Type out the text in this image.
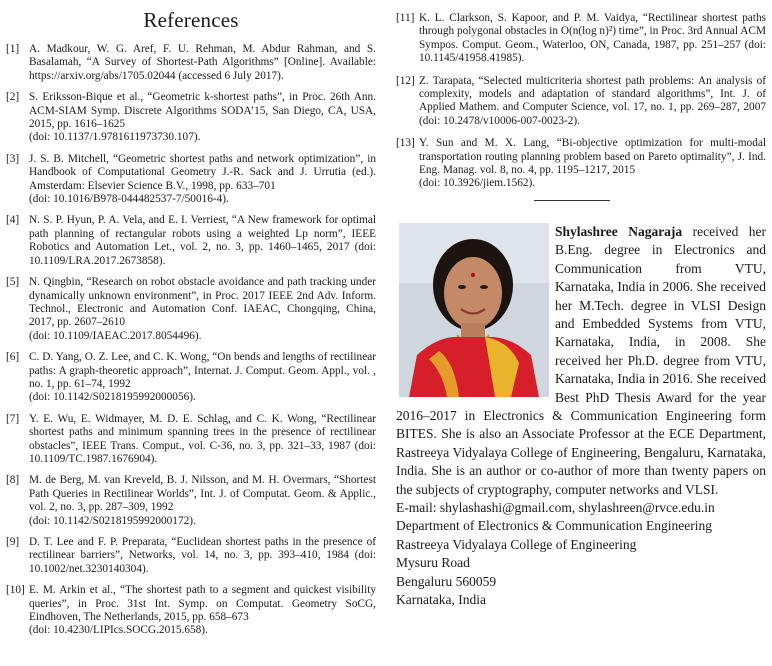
References
[1] A. Madkour, W. G. Aref, F. U. Rehman, M. Abdur Rahman, and S. Basalamah, “A Survey of Shortest-Path Algorithms” [Online]. Available: https://arxiv.org/abs/1705.02044 (accessed 6 July 2017).
[2] S. Eriksson-Bique et al., “Geometric k-shortest paths”, in Proc. 26th Ann. ACM-SIAM Symp. Discrete Algorithms SODA’15, San Diego, CA, USA, 2015, pp. 1616–1625
(doi: 10.1137/1.9781611973730.107).
[3] J. S. B. Mitchell, “Geometric shortest paths and network optimization”, in Handbook of Computational Geometry J.-R. Sack and J. Urrutia (ed.). Amsterdam: Elsevier Science B.V., 1998, pp. 633–701
(doi: 10.1016/B978-044482537-7/50016-4).
[4] N. S. P. Hyun, P. A. Vela, and E. I. Verriest, “A New framework for optimal path planning of rectangular robots using a weighted Lp norm”, IEEE Robotics and Automation Let., vol. 2, no. 3, pp. 1460–1465, 2017 (doi: 10.1109/LRA.2017.2673858).
[5] N. Qingbin, “Research on robot obstacle avoidance and path tracking under dynamically unknown environment”, in Proc. 2017 IEEE 2nd Adv. Inform. Technol., Electronic and Automation Conf. IAEAC, Chongqing, China, 2017, pp. 2607–2610
(doi: 10.1109/IAEAC.2017.8054496).
[6] C. D. Yang, O. Z. Lee, and C. K. Wong, “On bends and lengths of rectilinear paths: A graph-theoretic approach”, Internat. J. Comput. Geom. Appl., vol. , no. 1, pp. 61–74, 1992
(doi: 10.1142/S0218195992000056).
[7] Y. E. Wu, E. Widmayer, M. D. E. Schlag, and C. K. Wong, “Rectilinear shortest paths and minimum spanning trees in the presence of rectilinear obstacles”, IEEE Trans. Comput., vol. C-36, no. 3, pp. 321–33, 1987 (doi: 10.1109/TC.1987.1676904).
[8] M. de Berg, M. van Kreveld, B. J. Nilsson, and M. H. Overmars, “Shortest Path Queries in Rectilinear Worlds”, Int. J. of Computat. Geom. & Applic., vol. 2, no. 3, pp. 287–309, 1992
(doi: 10.1142/S0218195992000172).
[9] D. T. Lee and F. P. Preparata, “Euclidean shortest paths in the presence of rectilinear barriers”, Networks, vol. 14, no. 3, pp. 393–410, 1984 (doi: 10.1002/net.3230140304).
[10] E. M. Arkin et al., “The shortest path to a segment and quickest visibility queries”, in Proc. 31st Int. Symp. on Computat. Geometry SoCG, Eindhoven, The Netherlands, 2015, pp. 658–673
(doi: 10.4230/LIPIcs.SOCG.2015.658).
[11] K. L. Clarkson, S. Kapoor, and P. M. Vaidya, “Rectilinear shortest paths through polygonal obstacles in O(n(log n)²) time”, in Proc. 3rd Annual ACM Sympos. Comput. Geom., Waterloo, ON, Canada, 1987, pp. 251–257 (doi: 10.1145/41958.41985).
[12] Z. Tarapata, “Selected multicriteria shortest path problems: An analysis of complexity, models and adaptation of standard algorithms”, Int. J. of Applied Mathem. and Computer Science, vol. 17, no. 1, pp. 269–287, 2007 (doi: 10.2478/v10006-007-0023-2).
[13] Y. Sun and M. X. Lang, “Bi-objective optimization for multi-modal transportation routing planning problem based on Pareto optimality”, J. Ind. Eng. Manag. vol. 8, no. 4, pp. 1195–1217, 2015
(doi: 10.3926/jiem.1562).
Shylashree Nagaraja received her B.Eng. degree in Electronics and Communication from VTU, Karnataka, India in 2006. She received her M.Tech. degree in VLSI Design and Embedded Systems from VTU, Karnataka, India, in 2008. She received her Ph.D. degree from VTU, Karnataka, India in 2016. She received Best PhD Thesis Award for the year 2016–2017 in Electronics & Communication Engineering form BITES. She is also an Associate Professor at the ECE Department, Rastreeya Vidyalaya College of Engineering, Bengaluru, Karnataka, India. She is an author or co-author of more than twenty papers on the subjects of cryptography, computer networks and VLSI.
E-mail: shylashashi@gmail.com, shylashreen@rvce.edu.in
Department of Electronics & Communication Engineering
Rastreeya Vidyalaya College of Engineering
Mysuru Road
Bengaluru 560059
Karnataka, India
